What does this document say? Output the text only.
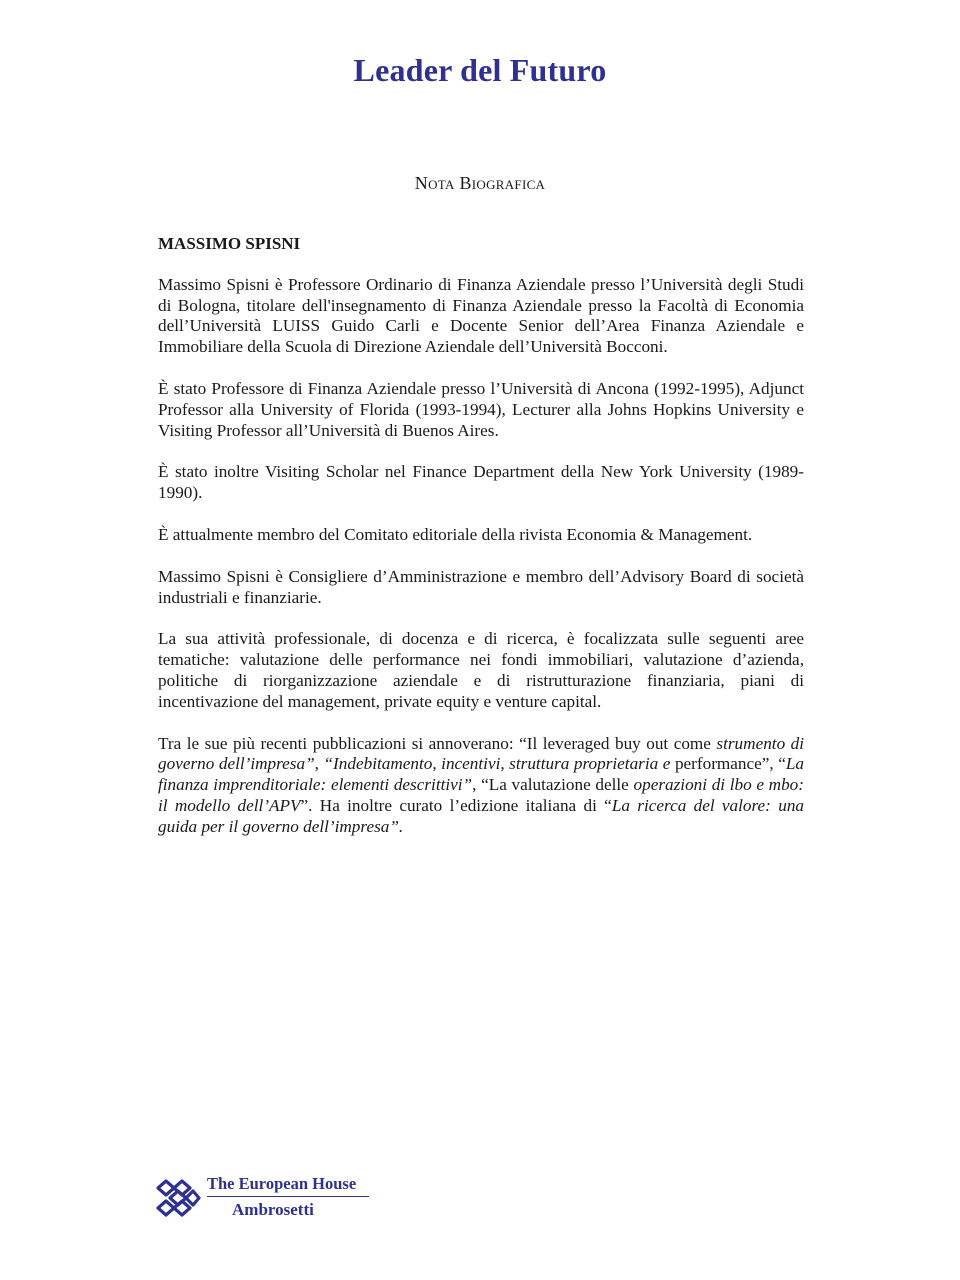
Leader del Futuro
Nota Biografica

MASSIMO SPISNI

Massimo Spisni è Professore Ordinario di Finanza Aziendale presso l’Università degli Studi di Bologna, titolare dell'insegnamento di Finanza Aziendale presso la Facoltà di Economia dell’Università LUISS Guido Carli e Docente Senior dell’Area Finanza Aziendale e Immobiliare della Scuola di Direzione Aziendale dell’Università Bocconi.

È stato Professore di Finanza Aziendale presso l’Università di Ancona (1992-1995), Adjunct Professor alla University of Florida (1993-1994), Lecturer alla Johns Hopkins University e Visiting Professor all’Università di Buenos Aires.

È stato inoltre Visiting Scholar nel Finance Department della New York University (1989-1990).

È attualmente membro del Comitato editoriale della rivista Economia & Management.

Massimo Spisni è Consigliere d’Amministrazione e membro dell’Advisory Board di società industriali e finanziarie.

La sua attività professionale, di docenza e di ricerca, è focalizzata sulle seguenti aree tematiche: valutazione delle performance nei fondi immobiliari, valutazione d’azienda, politiche di riorganizzazione aziendale e di ristrutturazione finanziaria, piani di incentivazione del management, private equity e venture capital.

Tra le sue più recenti pubblicazioni si annoverano: “Il leveraged buy out come strumento di governo dell’impresa”, “Indebitamento, incentivi, struttura proprietaria e performance”, “La finanza imprenditoriale: elementi descrittivi”, “La valutazione delle operazioni di lbo e mbo: il modello dell’APV”. Ha inoltre curato l’edizione italiana di “La ricerca del valore: una guida per il governo dell’impresa”.

The European House
Ambrosetti
